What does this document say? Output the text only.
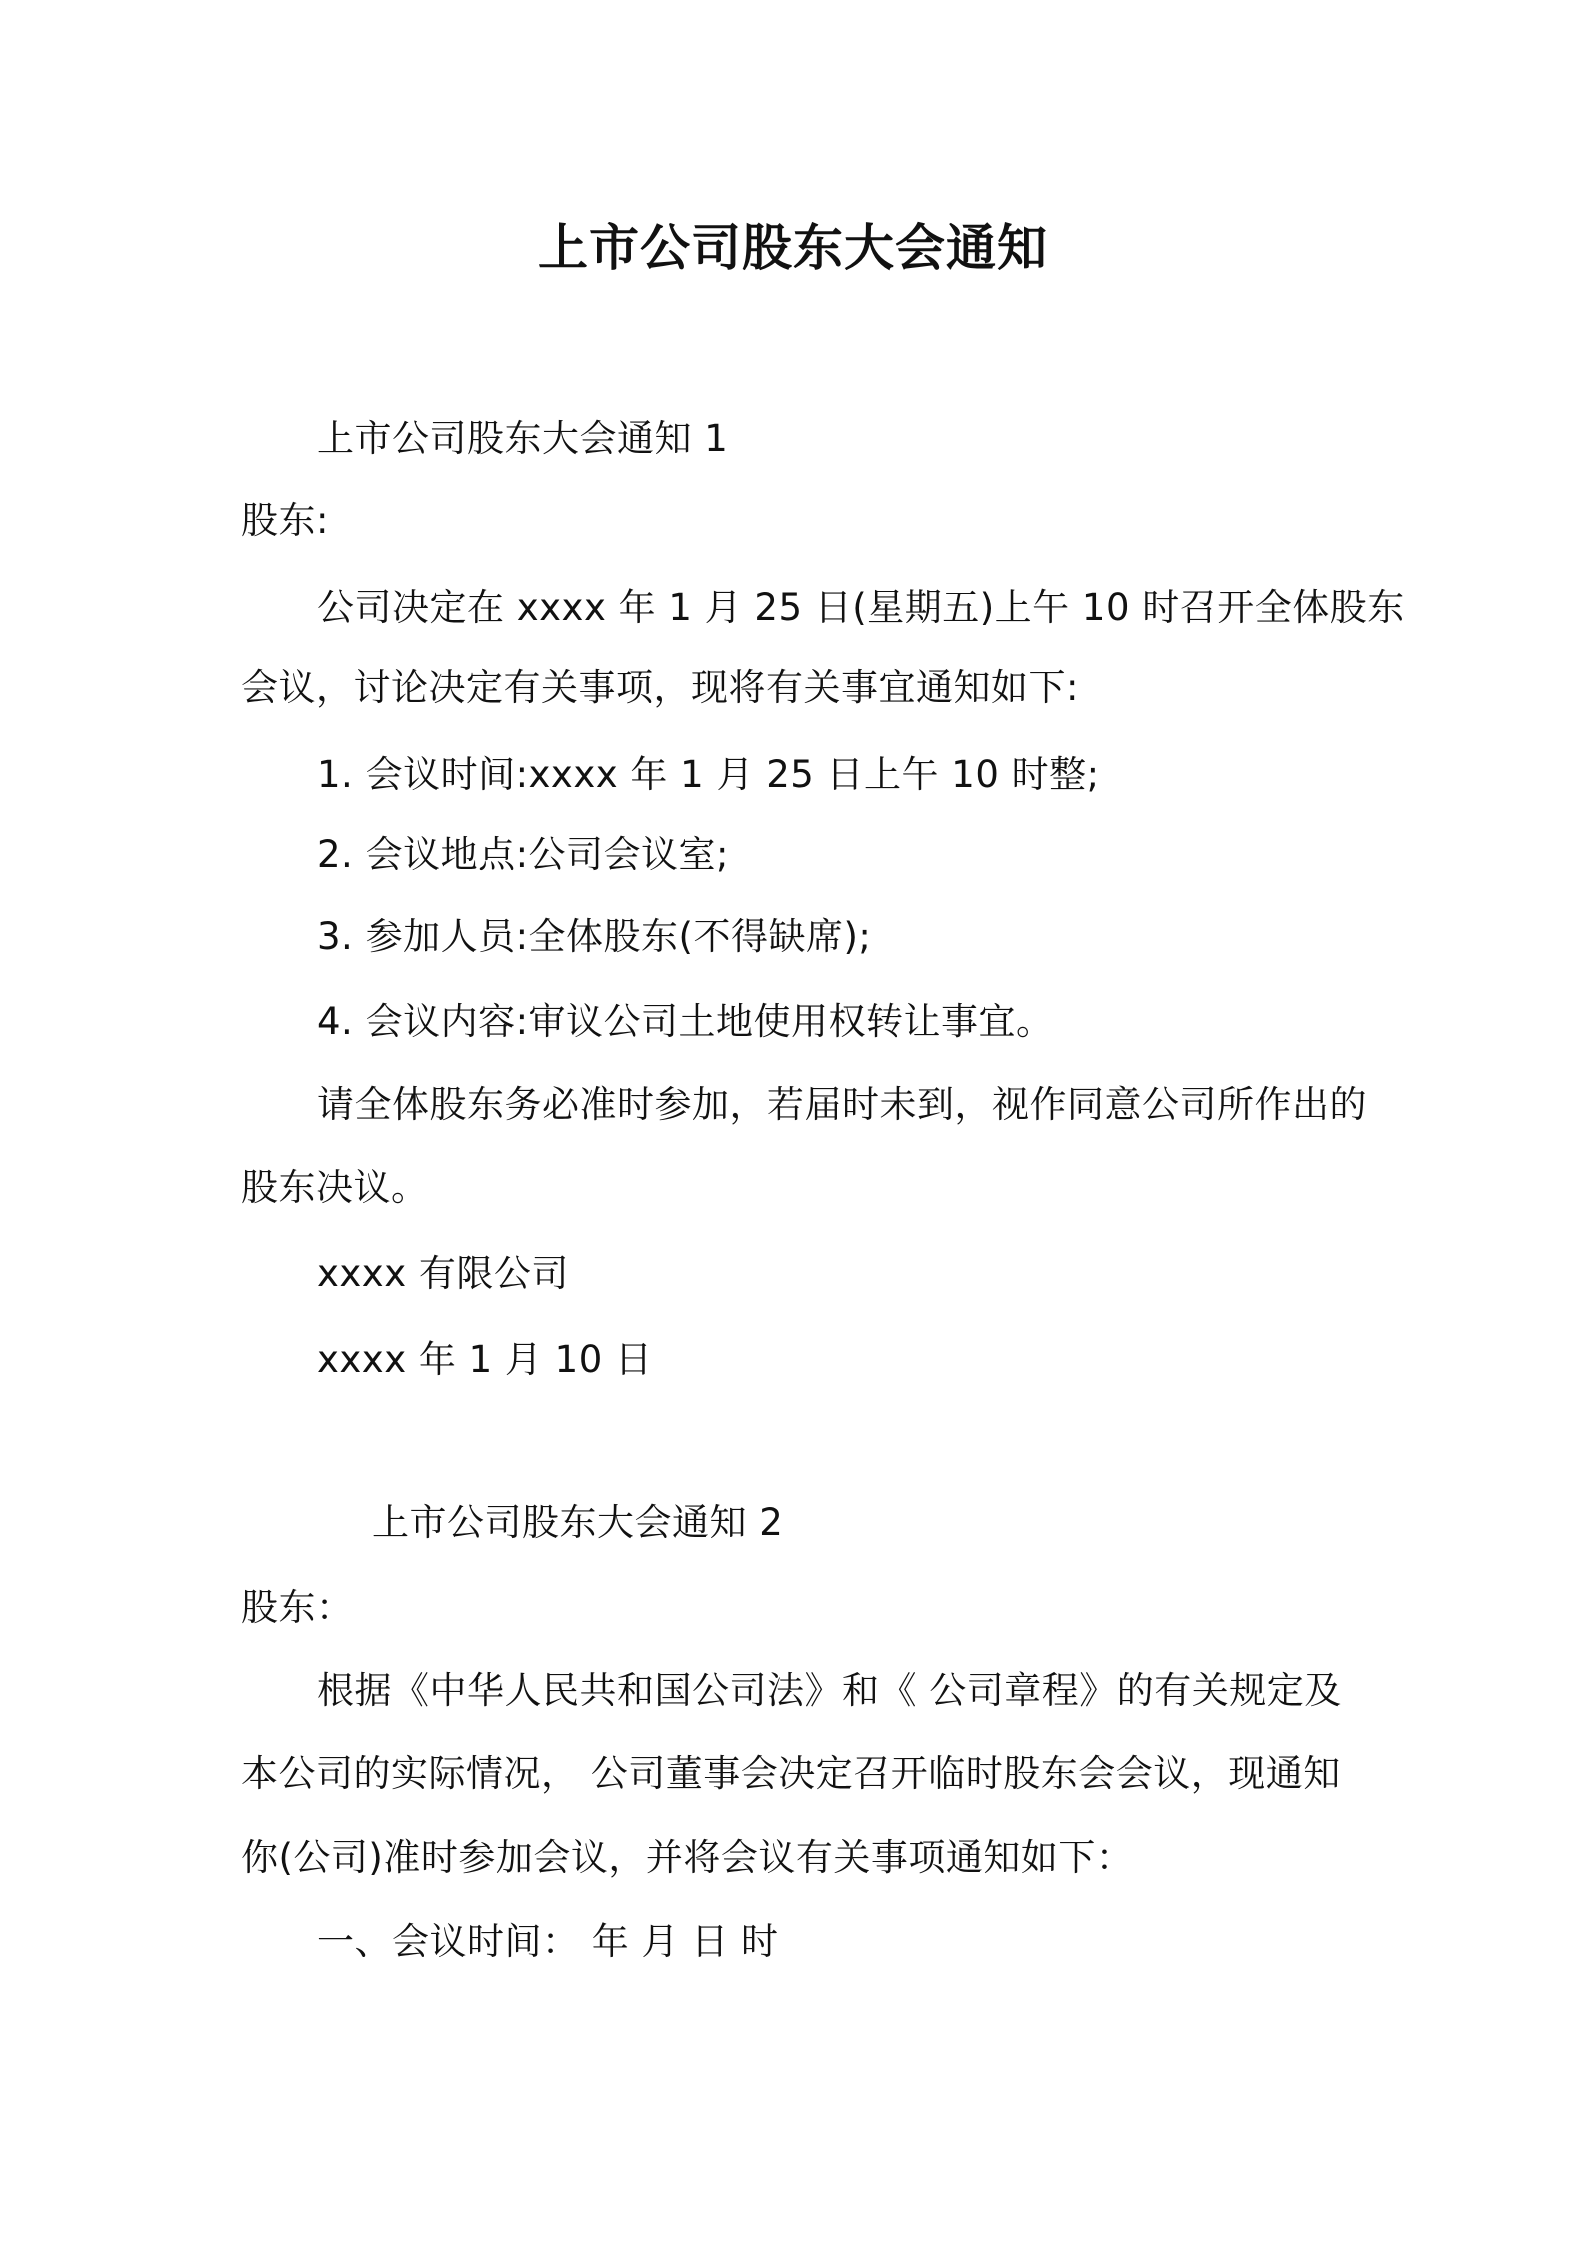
上市公司股东大会通知
上市公司股东大会通知 1
股东:
公司决定在 xxxx 年 1 月 25 日(星期五)上午 10 时召开全体股东
会议，讨论决定有关事项，现将有关事宜通知如下:
1. 会议时间:xxxx 年 1 月 25 日上午 10 时整;
2. 会议地点:公司会议室;
3. 参加人员:全体股东(不得缺席);
4. 会议内容:审议公司土地使用权转让事宜。
请全体股东务必准时参加，若届时未到，视作同意公司所作出的
股东决议。
xxxx 有限公司
xxxx 年 1 月 10 日
上市公司股东大会通知 2
股东：
根据《中华人民共和国公司法》和《 公司章程》的有关规定及
本公司的实际情况， 公司董事会决定召开临时股东会会议，现通知
你(公司)准时参加会议，并将会议有关事项通知如下：
一、会议时间： 年 月 日 时
